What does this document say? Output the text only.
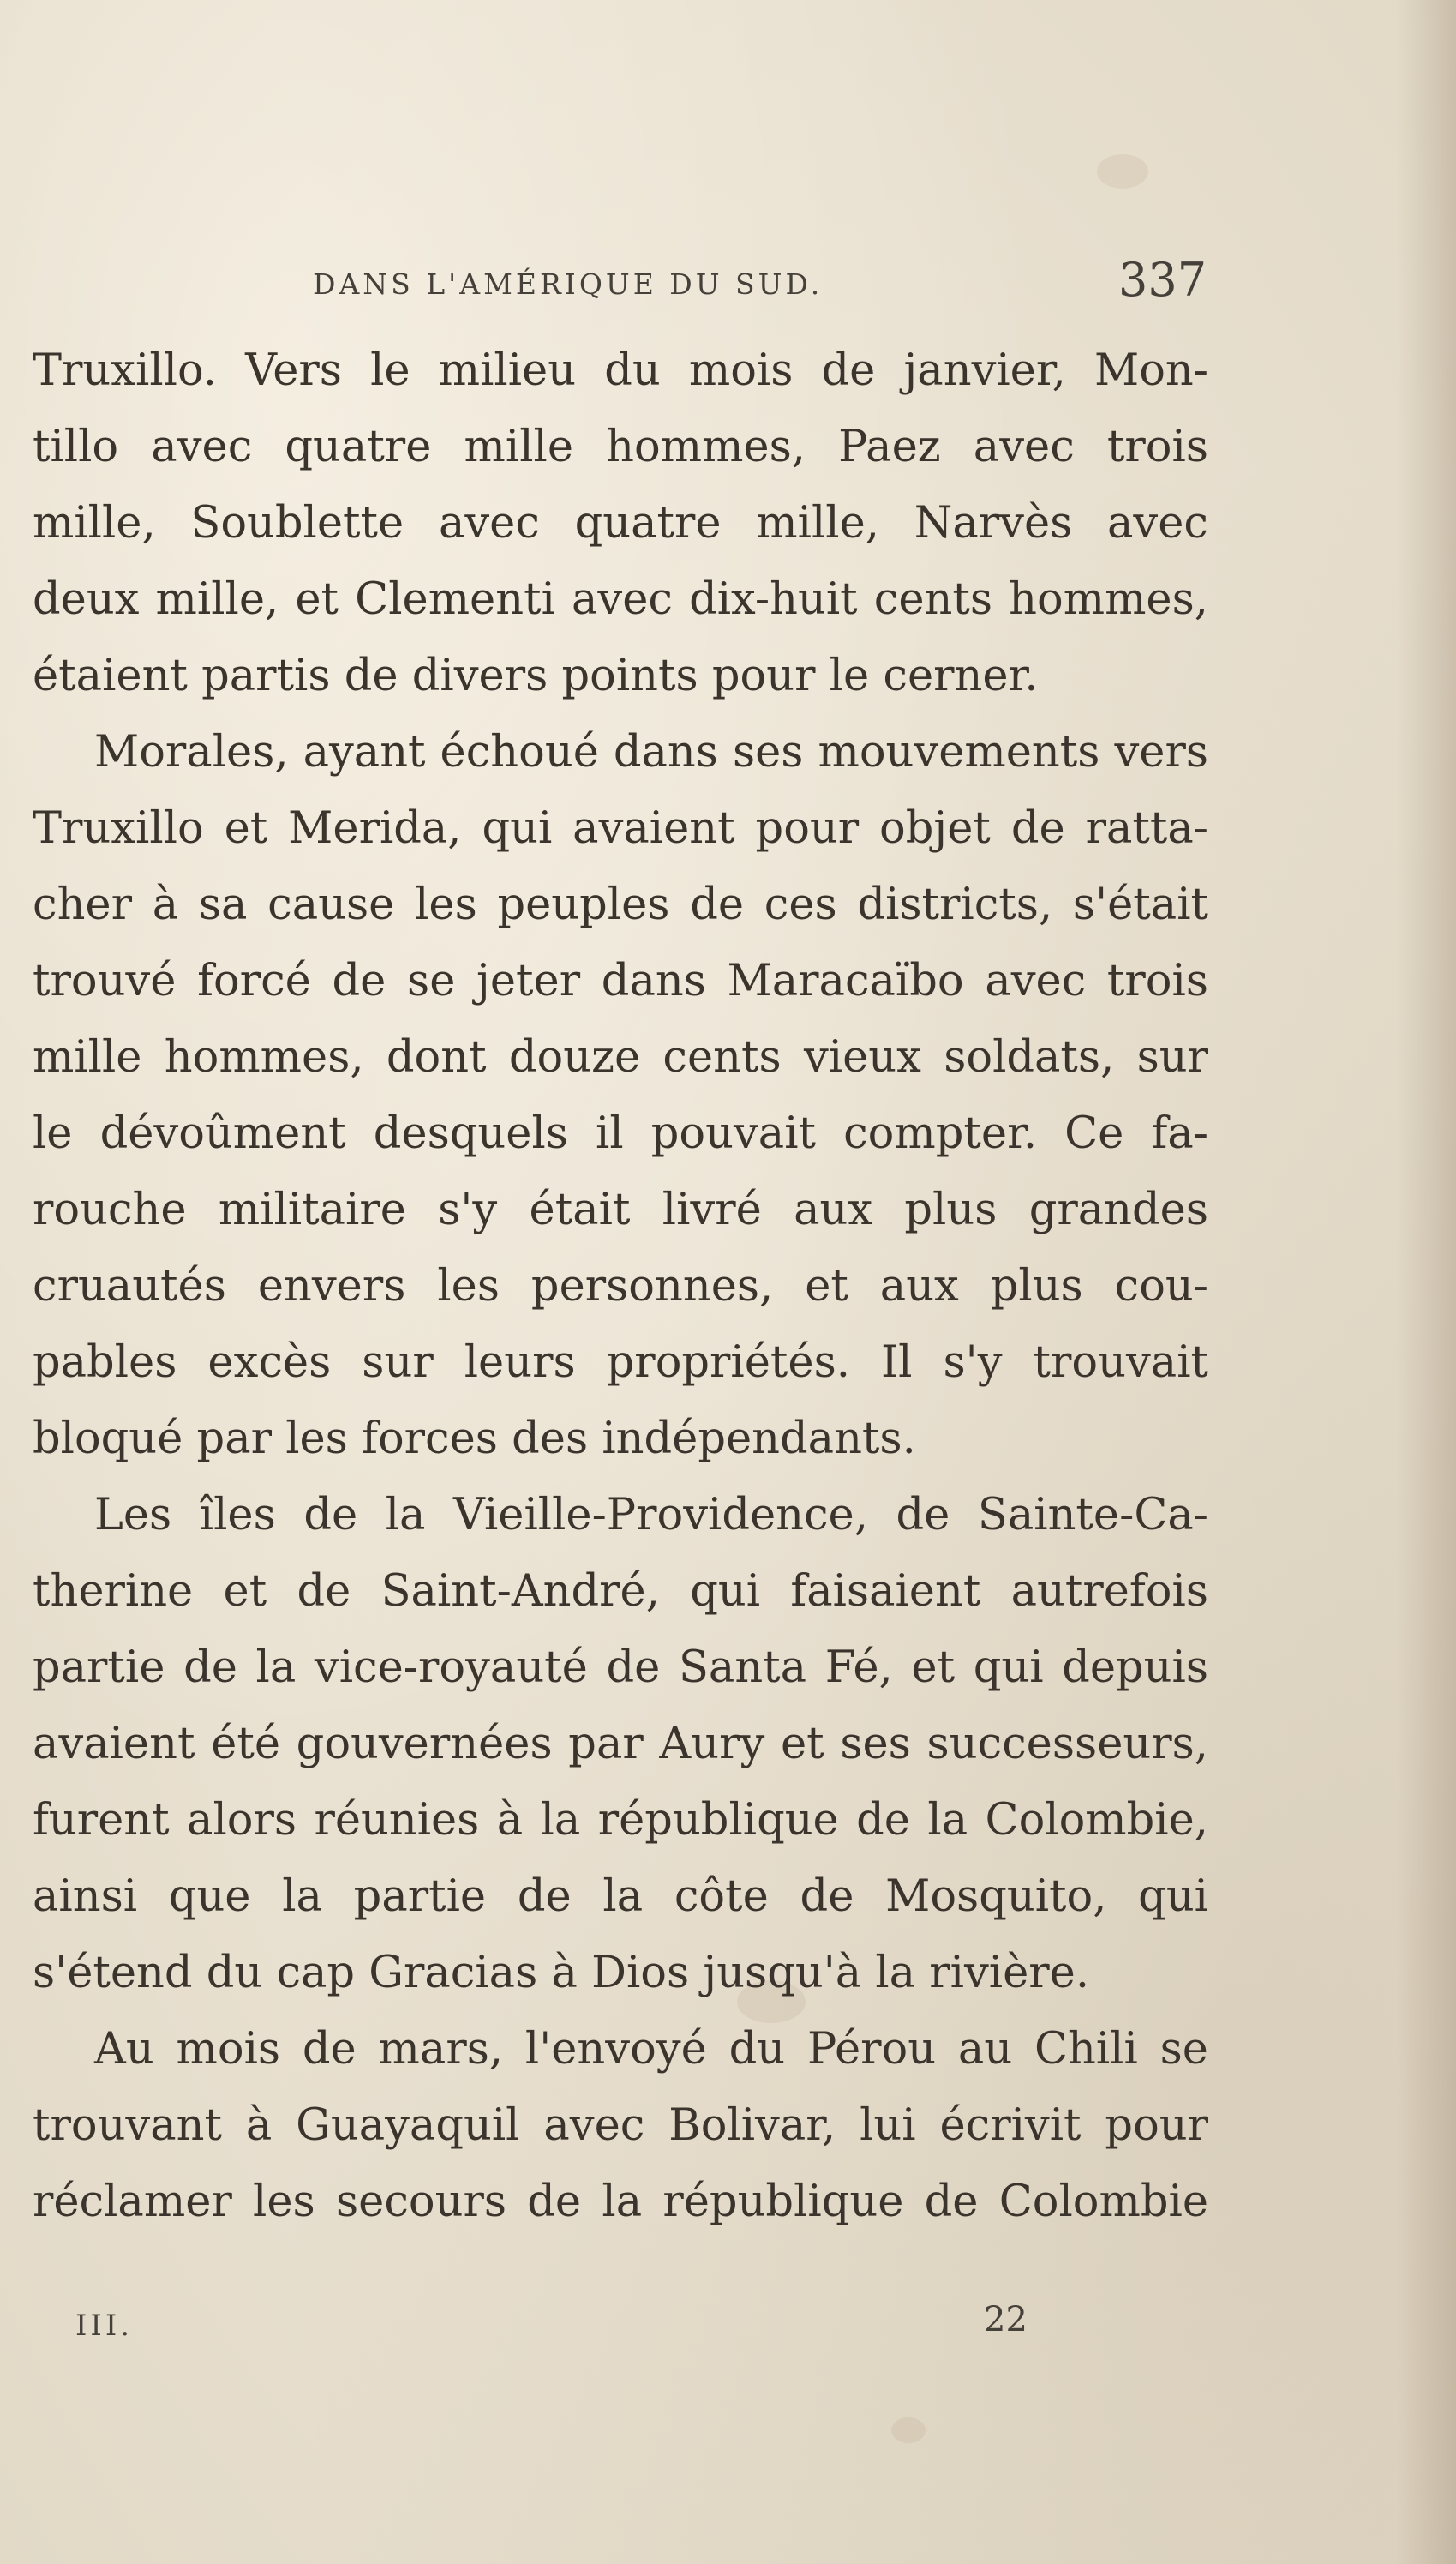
DANS L'AMÉRIQUE DU SUD.	337
Truxillo. Vers le milieu du mois de janvier, Mon-
tillo avec quatre mille hommes, Paez avec trois
mille, Soublette avec quatre mille, Narvès avec
deux mille, et Clementi avec dix-huit cents hommes,
étaient partis de divers points pour le cerner.
Morales, ayant échoué dans ses mouvements vers
Truxillo et Merida, qui avaient pour objet de ratta-
cher à sa cause les peuples de ces districts, s'était
trouvé forcé de se jeter dans Maracaïbo avec trois
mille hommes, dont douze cents vieux soldats, sur
le dévoûment desquels il pouvait compter. Ce fa-
rouche militaire s'y était livré aux plus grandes
cruautés envers les personnes, et aux plus cou-
pables excès sur leurs propriétés. Il s'y trouvait
bloqué par les forces des indépendants.
Les îles de la Vieille-Providence, de Sainte-Ca-
therine et de Saint-André, qui faisaient autrefois
partie de la vice-royauté de Santa Fé, et qui depuis
avaient été gouvernées par Aury et ses successeurs,
furent alors réunies à la république de la Colombie,
ainsi que la partie de la côte de Mosquito, qui
s'étend du cap Gracias à Dios jusqu'à la rivière.
Au mois de mars, l'envoyé du Pérou au Chili se
trouvant à Guayaquil avec Bolivar, lui écrivit pour
réclamer les secours de la république de Colombie
III.	22
